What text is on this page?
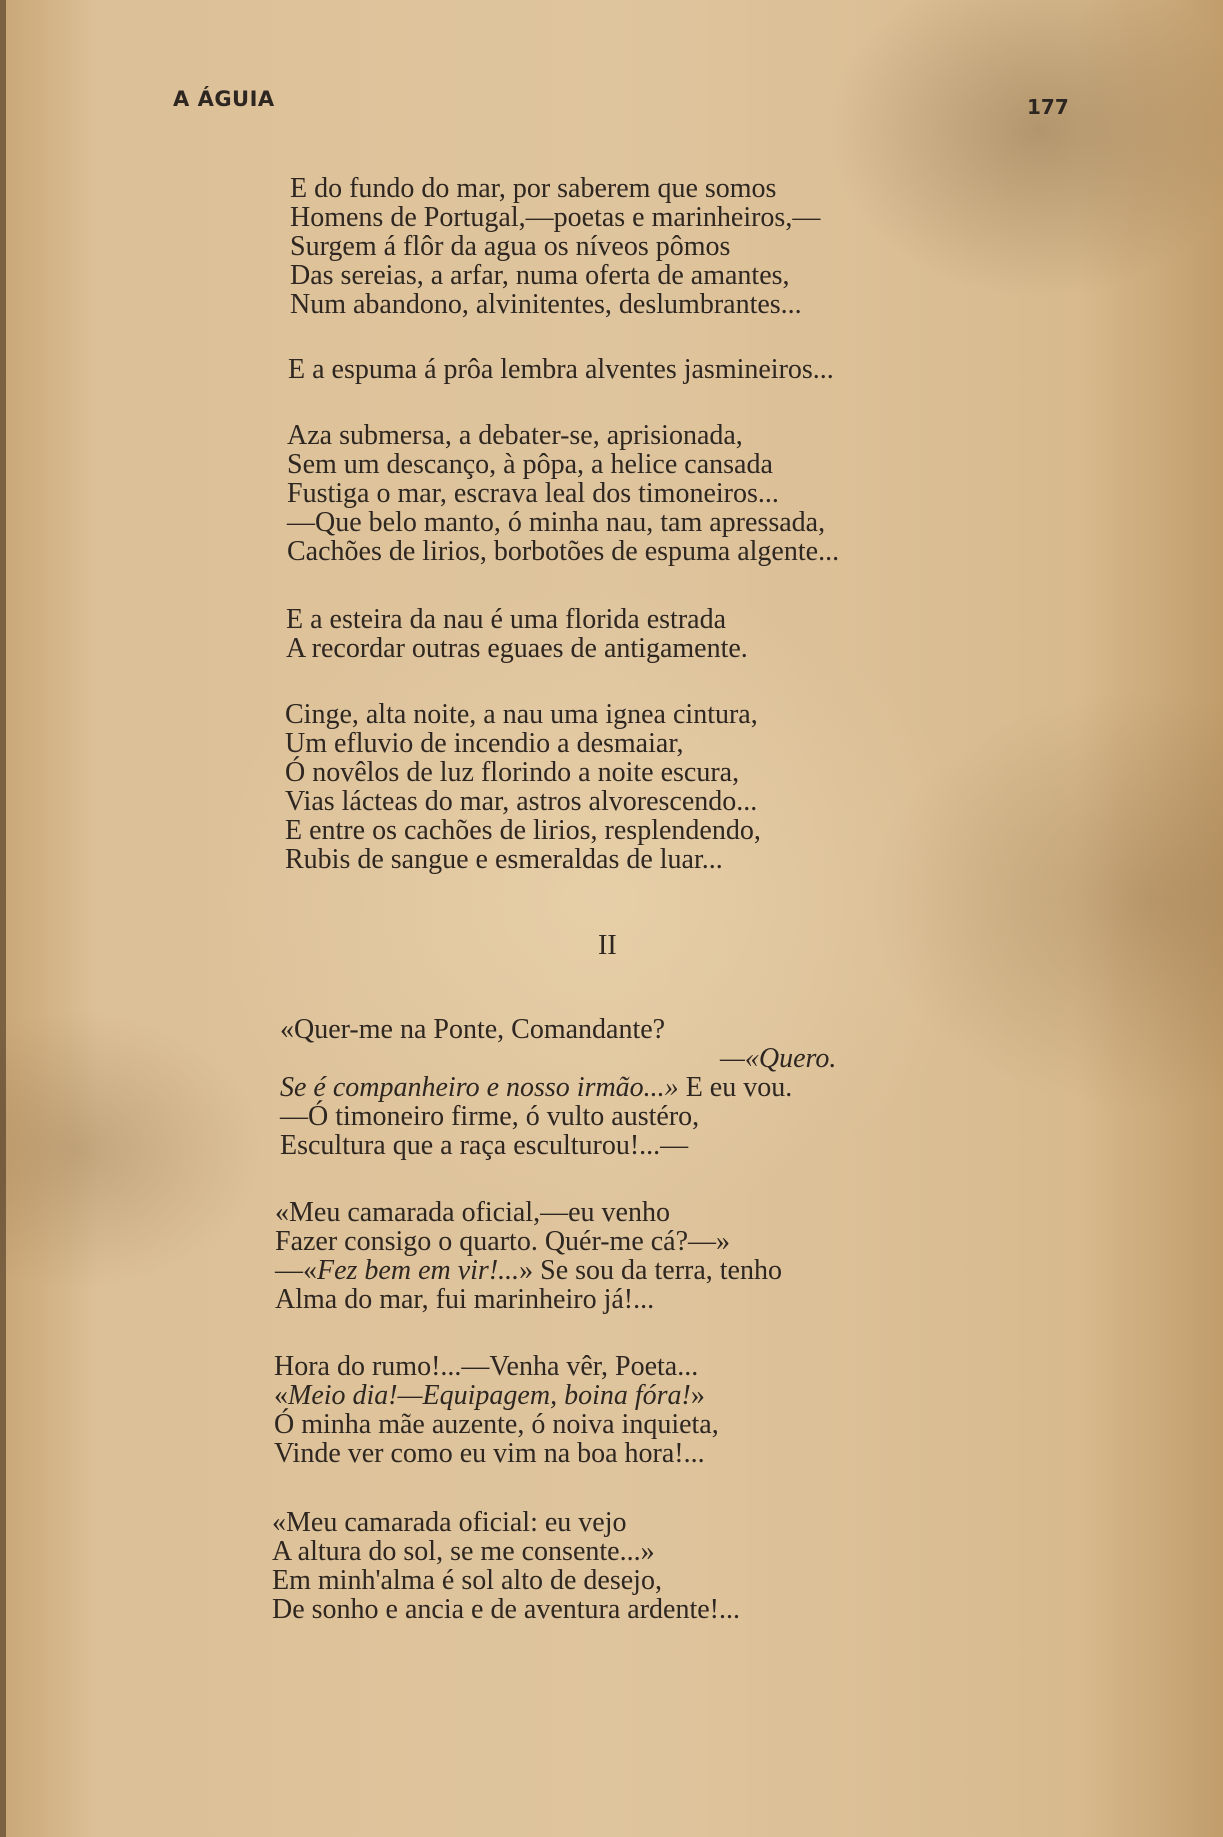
A ÁGUIA	177
E do fundo do mar, por saberem que somos
Homens de Portugal,—poetas e marinheiros,—
Surgem á flôr da agua os níveos pômos
Das sereias, a arfar, numa oferta de amantes,
Num abandono, alvinitentes, deslumbrantes...
E a espuma á prôa lembra alventes jasmineiros...
Aza submersa, a debater-se, aprisionada,
Sem um descanço, à pôpa, a helice cansada
Fustiga o mar, escrava leal dos timoneiros...
—Que belo manto, ó minha nau, tam apressada,
Cachões de lirios, borbotões de espuma algente...
E a esteira da nau é uma florida estrada
A recordar outras eguaes de antigamente.
Cinge, alta noite, a nau uma ignea cintura,
Um efluvio de incendio a desmaiar,
Ó novêlos de luz florindo a noite escura,
Vias lácteas do mar, astros alvorescendo...
E entre os cachões de lirios, resplendendo,
Rubis de sangue e esmeraldas de luar...
II
«Quer-me na Ponte, Comandante?
—«Quero.
Se é companheiro e nosso irmão...» E eu vou.
—Ó timoneiro firme, ó vulto austéro,
Escultura que a raça esculturou!...—
«Meu camarada oficial,—eu venho
Fazer consigo o quarto. Quér-me cá?—»
—«Fez bem em vir!...» Se sou da terra, tenho
Alma do mar, fui marinheiro já!...
Hora do rumo!...—Venha vêr, Poeta...
«Meio dia!—Equipagem, boina fóra!»
Ó minha mãe auzente, ó noiva inquieta,
Vinde ver como eu vim na boa hora!...
«Meu camarada oficial: eu vejo
A altura do sol, se me consente...»
Em minh'alma é sol alto de desejo,
De sonho e ancia e de aventura ardente!...
